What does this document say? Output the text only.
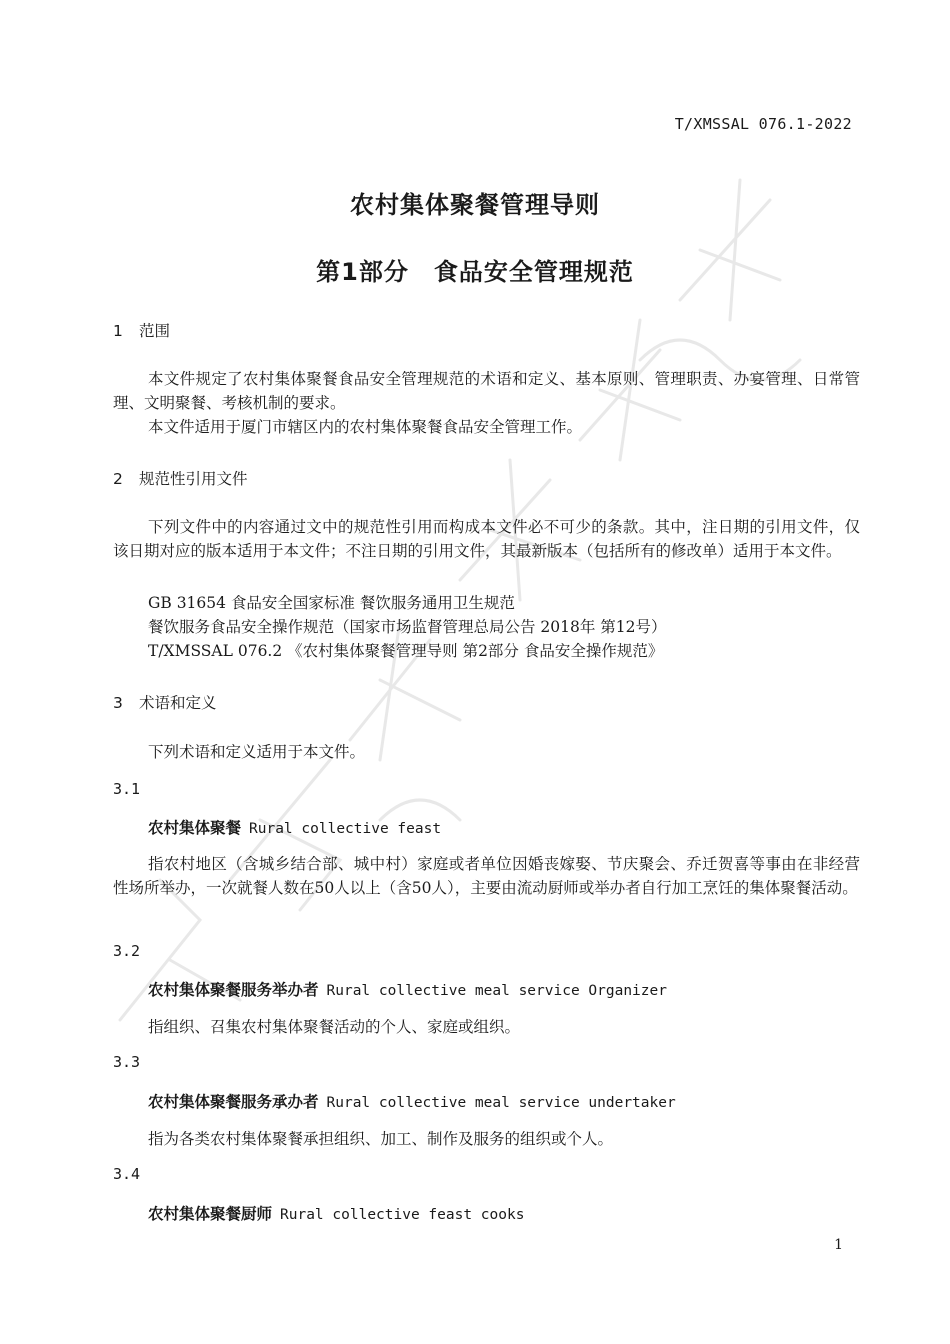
T/XMSSAL 076.1-2022
农村集体聚餐管理导则
第1部分　食品安全管理规范
1 范围
本文件规定了农村集体聚餐食品安全管理规范的术语和定义、基本原则、管理职责、办宴管理、日常管理、文明聚餐、考核机制的要求。
本文件适用于厦门市辖区内的农村集体聚餐食品安全管理工作。
2 规范性引用文件
下列文件中的内容通过文中的规范性引用而构成本文件必不可少的条款。其中，注日期的引用文件，仅该日期对应的版本适用于本文件；不注日期的引用文件，其最新版本（包括所有的修改单）适用于本文件。
GB 31654 食品安全国家标准 餐饮服务通用卫生规范
餐饮服务食品安全操作规范（国家市场监督管理总局公告 2018年 第12号）
T/XMSSAL 076.2 《农村集体聚餐管理导则 第2部分 食品安全操作规范》
3 术语和定义
下列术语和定义适用于本文件。
3.1
农村集体聚餐 Rural collective feast
指农村地区（含城乡结合部、城中村）家庭或者单位因婚丧嫁娶、节庆聚会、乔迁贺喜等事由在非经营性场所举办，一次就餐人数在50人以上（含50人），主要由流动厨师或举办者自行加工烹饪的集体聚餐活动。
3.2
农村集体聚餐服务举办者 Rural collective meal service Organizer
指组织、召集农村集体聚餐活动的个人、家庭或组织。
3.3
农村集体聚餐服务承办者 Rural collective meal service undertaker
指为各类农村集体聚餐承担组织、加工、制作及服务的组织或个人。
3.4
农村集体聚餐厨师 Rural collective feast cooks
1
